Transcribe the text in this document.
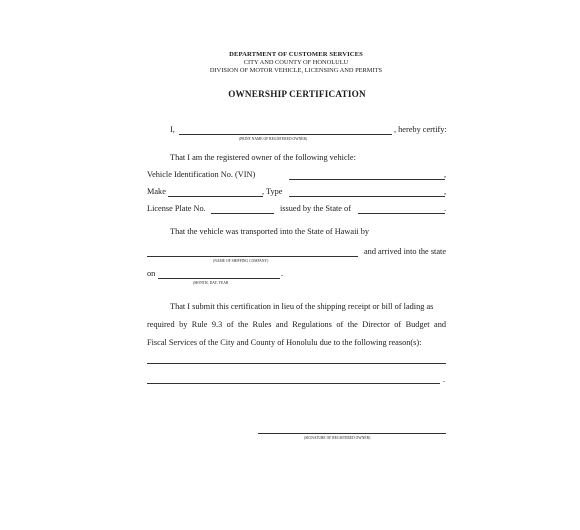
DEPARTMENT OF CUSTOMER SERVICES
CITY AND COUNTY OF HONOLULU
DIVISION OF MOTOR VEHICLE, LICENSING AND PERMITS
OWNERSHIP CERTIFICATION
I,	, hereby certify:
(PRINT NAME OF REGISTERED OWNER)
That I am the registered owner of the following vehicle:
Vehicle Identification No. (VIN)	,
Make	, Type	,
License Plate No.	issued by the State of	.
That the vehicle was transported into the State of Hawaii by
and arrived into the state
(NAME OF SHIPPING COMPANY)
on	.
(MONTH, DAY, YEAR
That I submit this certification in lieu of the shipping receipt or bill of lading as
required by Rule 9.3 of the Rules and Regulations of the Director of Budget and
Fiscal Services of the City and County of Honolulu due to the following reason(s):
.
(SIGNATURE OF REGISTERED OWNER)
